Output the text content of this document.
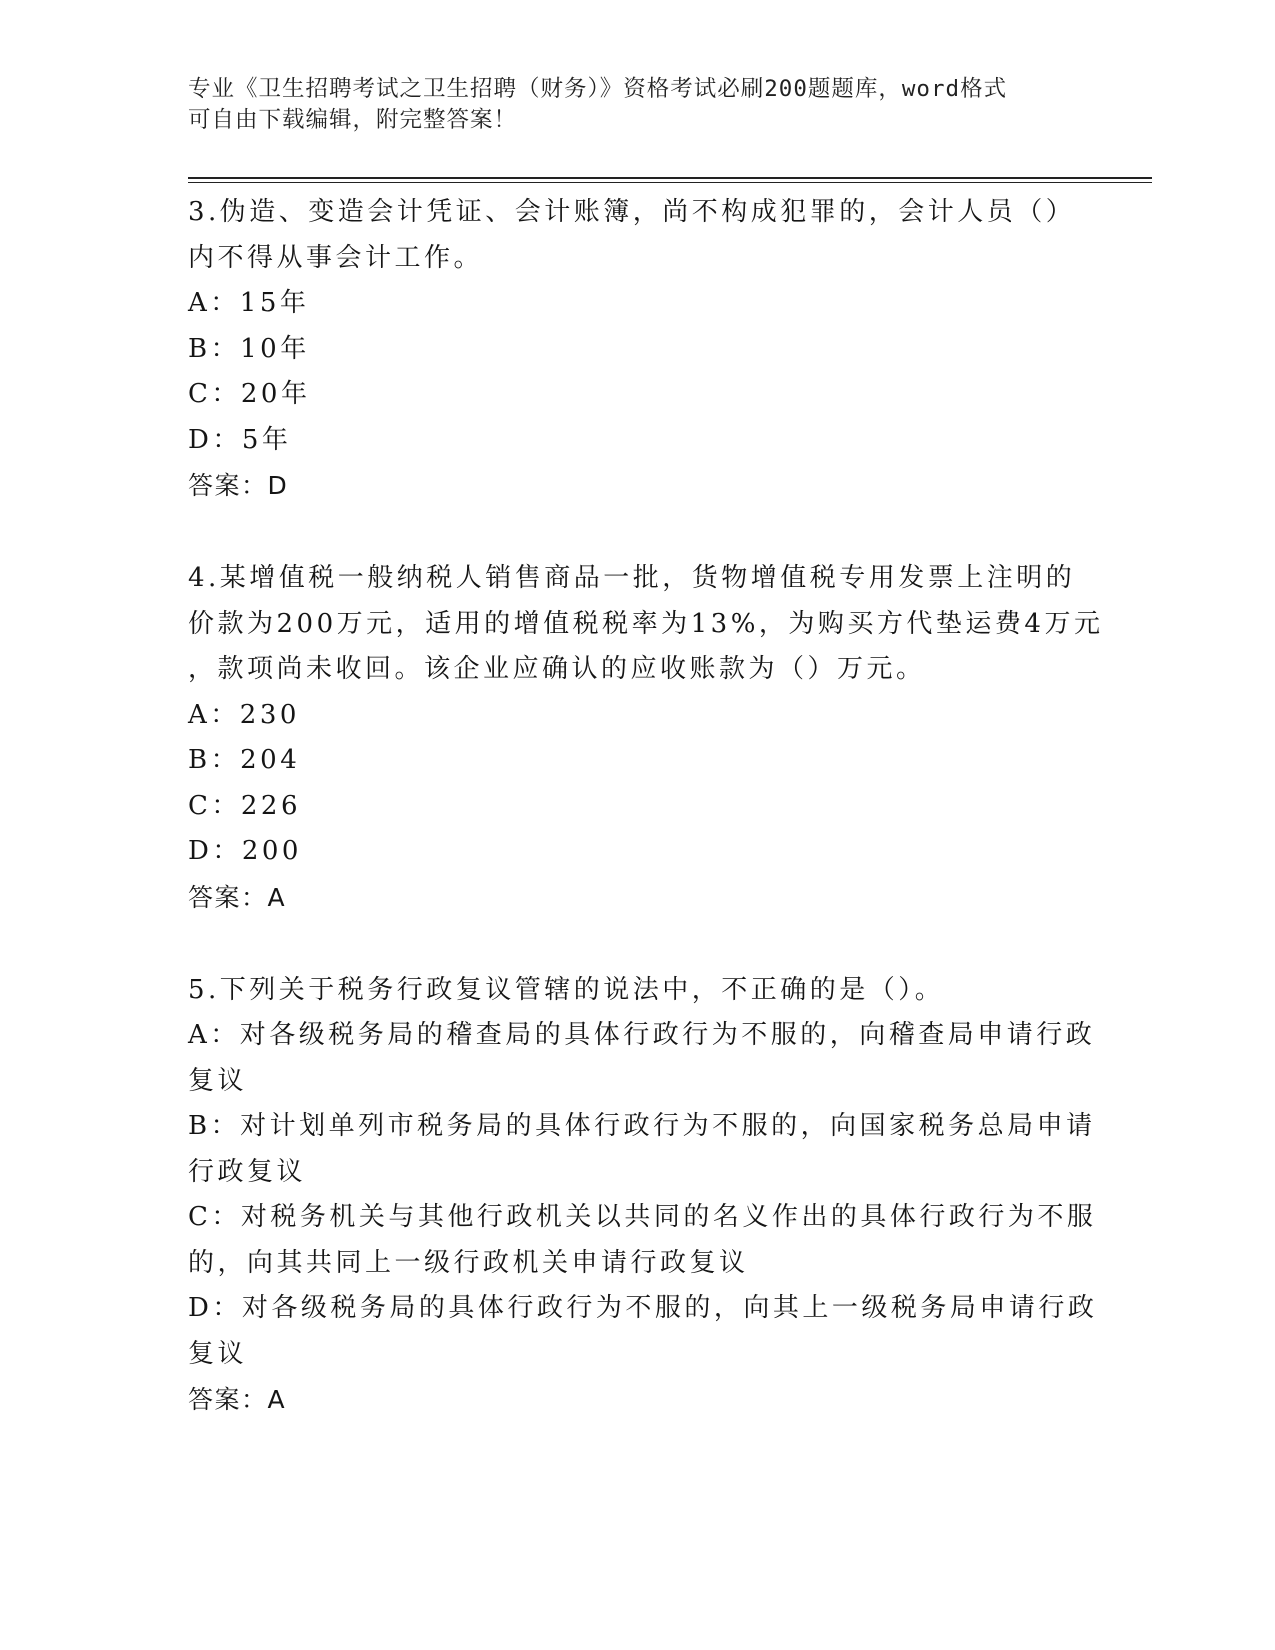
专业《卫生招聘考试之卫生招聘（财务）》资格考试必刷200题题库，word格式
可自由下载编辑，附完整答案！
3.伪造、变造会计凭证、会计账簿，尚不构成犯罪的，会计人员（）
内不得从事会计工作。
A：15年
B：10年
C：20年
D：5年
答案：D
4.某增值税一般纳税人销售商品一批，货物增值税专用发票上注明的
价款为200万元，适用的增值税税率为13%，为购买方代垫运费4万元
，款项尚未收回。该企业应确认的应收账款为（）万元。
A：230
B：204
C：226
D：200
答案：A
5.下列关于税务行政复议管辖的说法中，不正确的是（）。
A：对各级税务局的稽查局的具体行政行为不服的，向稽查局申请行政
复议
B：对计划单列市税务局的具体行政行为不服的，向国家税务总局申请
行政复议
C：对税务机关与其他行政机关以共同的名义作出的具体行政行为不服
的，向其共同上一级行政机关申请行政复议
D：对各级税务局的具体行政行为不服的，向其上一级税务局申请行政
复议
答案：A
